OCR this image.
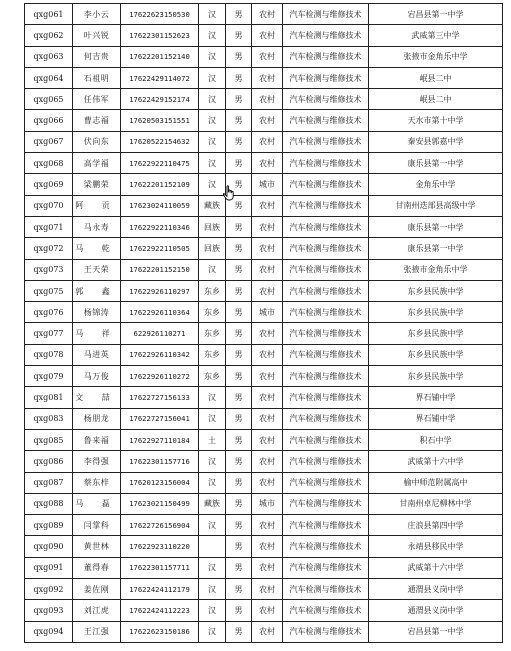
qxg061	李小云	17622623150530	汉	男	农村	汽车检测与维修技术	宕昌县第一中学
qxg062	叶兴锐	17622301152623	汉	男	农村	汽车检测与维修技术	武威第三中学
qxg063	何吉贵	17622201152140	汉	男	农村	汽车检测与维修技术	张掖市金角乐中学
qxg064	石祖明	17622429114072	汉	男	农村	汽车检测与维修技术	岷县二中
qxg065	任伟军	17622429152174	汉	男	农村	汽车检测与维修技术	岷县二中
qxg066	曹志福	17620503151551	汉	男	农村	汽车检测与维修技术	天水市第十中学
qxg067	伏向东	17620522154632	汉	男	农村	汽车检测与维修技术	秦安县郭嘉中学
qxg068	高学福	17622922110475	汉	男	农村	汽车检测与维修技术	康乐县第一中学
qxg069	梁鹏荣	17622201152109	汉	男	城市	汽车检测与维修技术	金角乐中学
qxg070	阿 贡	17623024110059	藏族	男	农村	汽车检测与维修技术	甘南州迭部县高级中学
qxg071	马永寿	17622922110346	回族	男	农村	汽车检测与维修技术	康乐县第一中学
qxg072	马 乾	17622922110505	回族	男	农村	汽车检测与维修技术	康乐县第一中学
qxg073	王天荣	17622201152150	汉	男	农村	汽车检测与维修技术	张掖市金角乐中学
qxg075	郭 鑫	17622926110297	东乡	男	农村	汽车检测与维修技术	东乡县民族中学
qxg076	杨锦涛	17622926110364	东乡	男	城市	汽车检测与维修技术	东乡县民族中学
qxg077	马 祥	622926110271	东乡	男	农村	汽车检测与维修技术	东乡县民族中学
qxg078	马进英	17622926110342	东乡	男	农村	汽车检测与维修技术	东乡县民族中学
qxg079	马万俊	17622926110272	东乡	男	农村	汽车检测与维修技术	东乡县民族中学
qxg081	文 喆	17622727156133	汉	男	农村	汽车检测与维修技术	界石铺中学
qxg083	杨朋龙	17622727156041	汉	男	农村	汽车检测与维修技术	界石铺中学
qxg085	鲁来福	17622927110184	土	男	农村	汽车检测与维修技术	积石中学
qxg086	李得强	17622301157716	汉	男	农村	汽车检测与维修技术	武威第十六中学
qxg087	蔡东梓	17620123156004	汉	男	农村	汽车检测与维修技术	榆中师范附属高中
qxg088	马 磊	17623021150499	藏族	男	城市	汽车检测与维修技术	甘南州卓尼柳林中学
qxg089	闫掌科	17622726156904	汉	男	农村	汽车检测与维修技术	庄浪县第四中学
qxg090	黄世林	17622923110220		男	农村	汽车检测与维修技术	永靖县移民中学
qxg091	董得春	17622301157711	汉	男	农村	汽车检测与维修技术	武威第十六中学
qxg092	姜佐刚	17622424112179	汉	男	农村	汽车检测与维修技术	通渭县义岗中学
qxg093	刘江虎	17622424112223	汉	男	农村	汽车检测与维修技术	通渭县义岗中学
qxg094	王江强	17622623150186	汉	男	农村	汽车检测与维修技术	宕昌县第一中学
